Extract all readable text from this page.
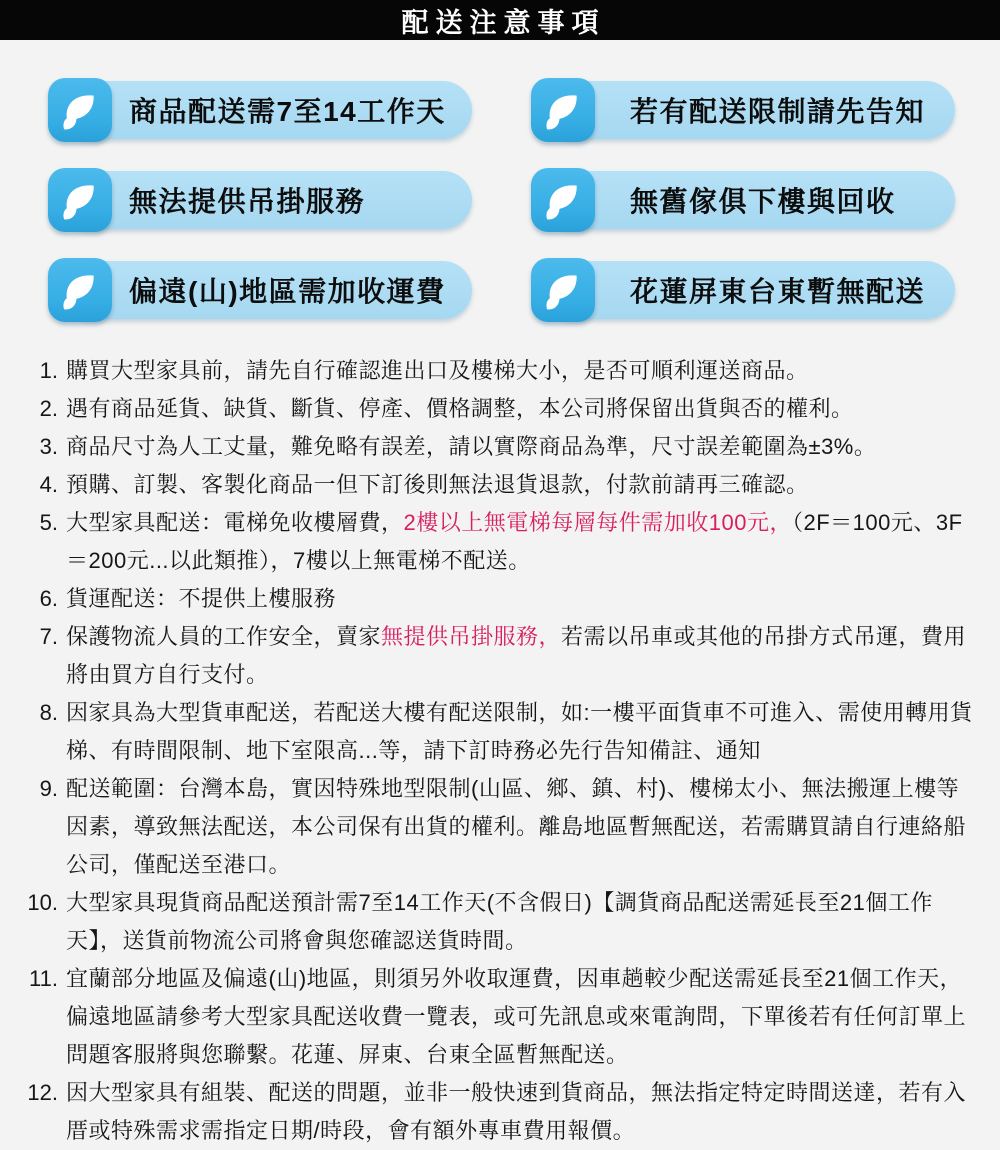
配送注意事項
商品配送需7至14工作天	若有配送限制請先告知
無法提供吊掛服務	無舊傢俱下樓與回收
偏遠(山)地區需加收運費	花蓮屏東台東暫無配送
1. 購買大型家具前，請先自行確認進出口及樓梯大小，是否可順利運送商品。

2. 遇有商品延貨、缺貨、斷貨、停產、價格調整，本公司將保留出貨與否的權利。

3. 商品尺寸為人工丈量，難免略有誤差，請以實際商品為準，尺寸誤差範圍為±3%。

4. 預購、訂製、客製化商品一但下訂後則無法退貨退款，付款前請再三確認。

5. 大型家具配送：電梯免收樓層費，2樓以上無電梯每層每件需加收100元，（2F＝100元、3F＝200元...以此類推），7樓以上無電梯不配送。

6. 貨運配送：不提供上樓服務

7. 保護物流人員的工作安全，賣家無提供吊掛服務，若需以吊車或其他的吊掛方式吊運，費用將由買方自行支付。

8. 因家具為大型貨車配送，若配送大樓有配送限制，如:一樓平面貨車不可進入、需使用轉用貨梯、有時間限制、地下室限高...等，請下訂時務必先行告知備註、通知

9. 配送範圍：台灣本島，實因特殊地型限制(山區、鄉、鎮、村)、樓梯太小、無法搬運上樓等因素，導致無法配送，本公司保有出貨的權利。離島地區暫無配送，若需購買請自行連絡船公司，僅配送至港口。

10. 大型家具現貨商品配送預計需7至14工作天(不含假日)【調貨商品配送需延長至21個工作天】，送貨前物流公司將會與您確認送貨時間。

11. 宜蘭部分地區及偏遠(山)地區，則須另外收取運費，因車趟較少配送需延長至21個工作天，偏遠地區請參考大型家具配送收費一覽表，或可先訊息或來電詢問，下單後若有任何訂單上問題客服將與您聯繫。花蓮、屏東、台東全區暫無配送。

12. 因大型家具有組裝、配送的問題，並非一般快速到貨商品，無法指定特定時間送達，若有入厝或特殊需求需指定日期/時段，會有額外專車費用報價。
